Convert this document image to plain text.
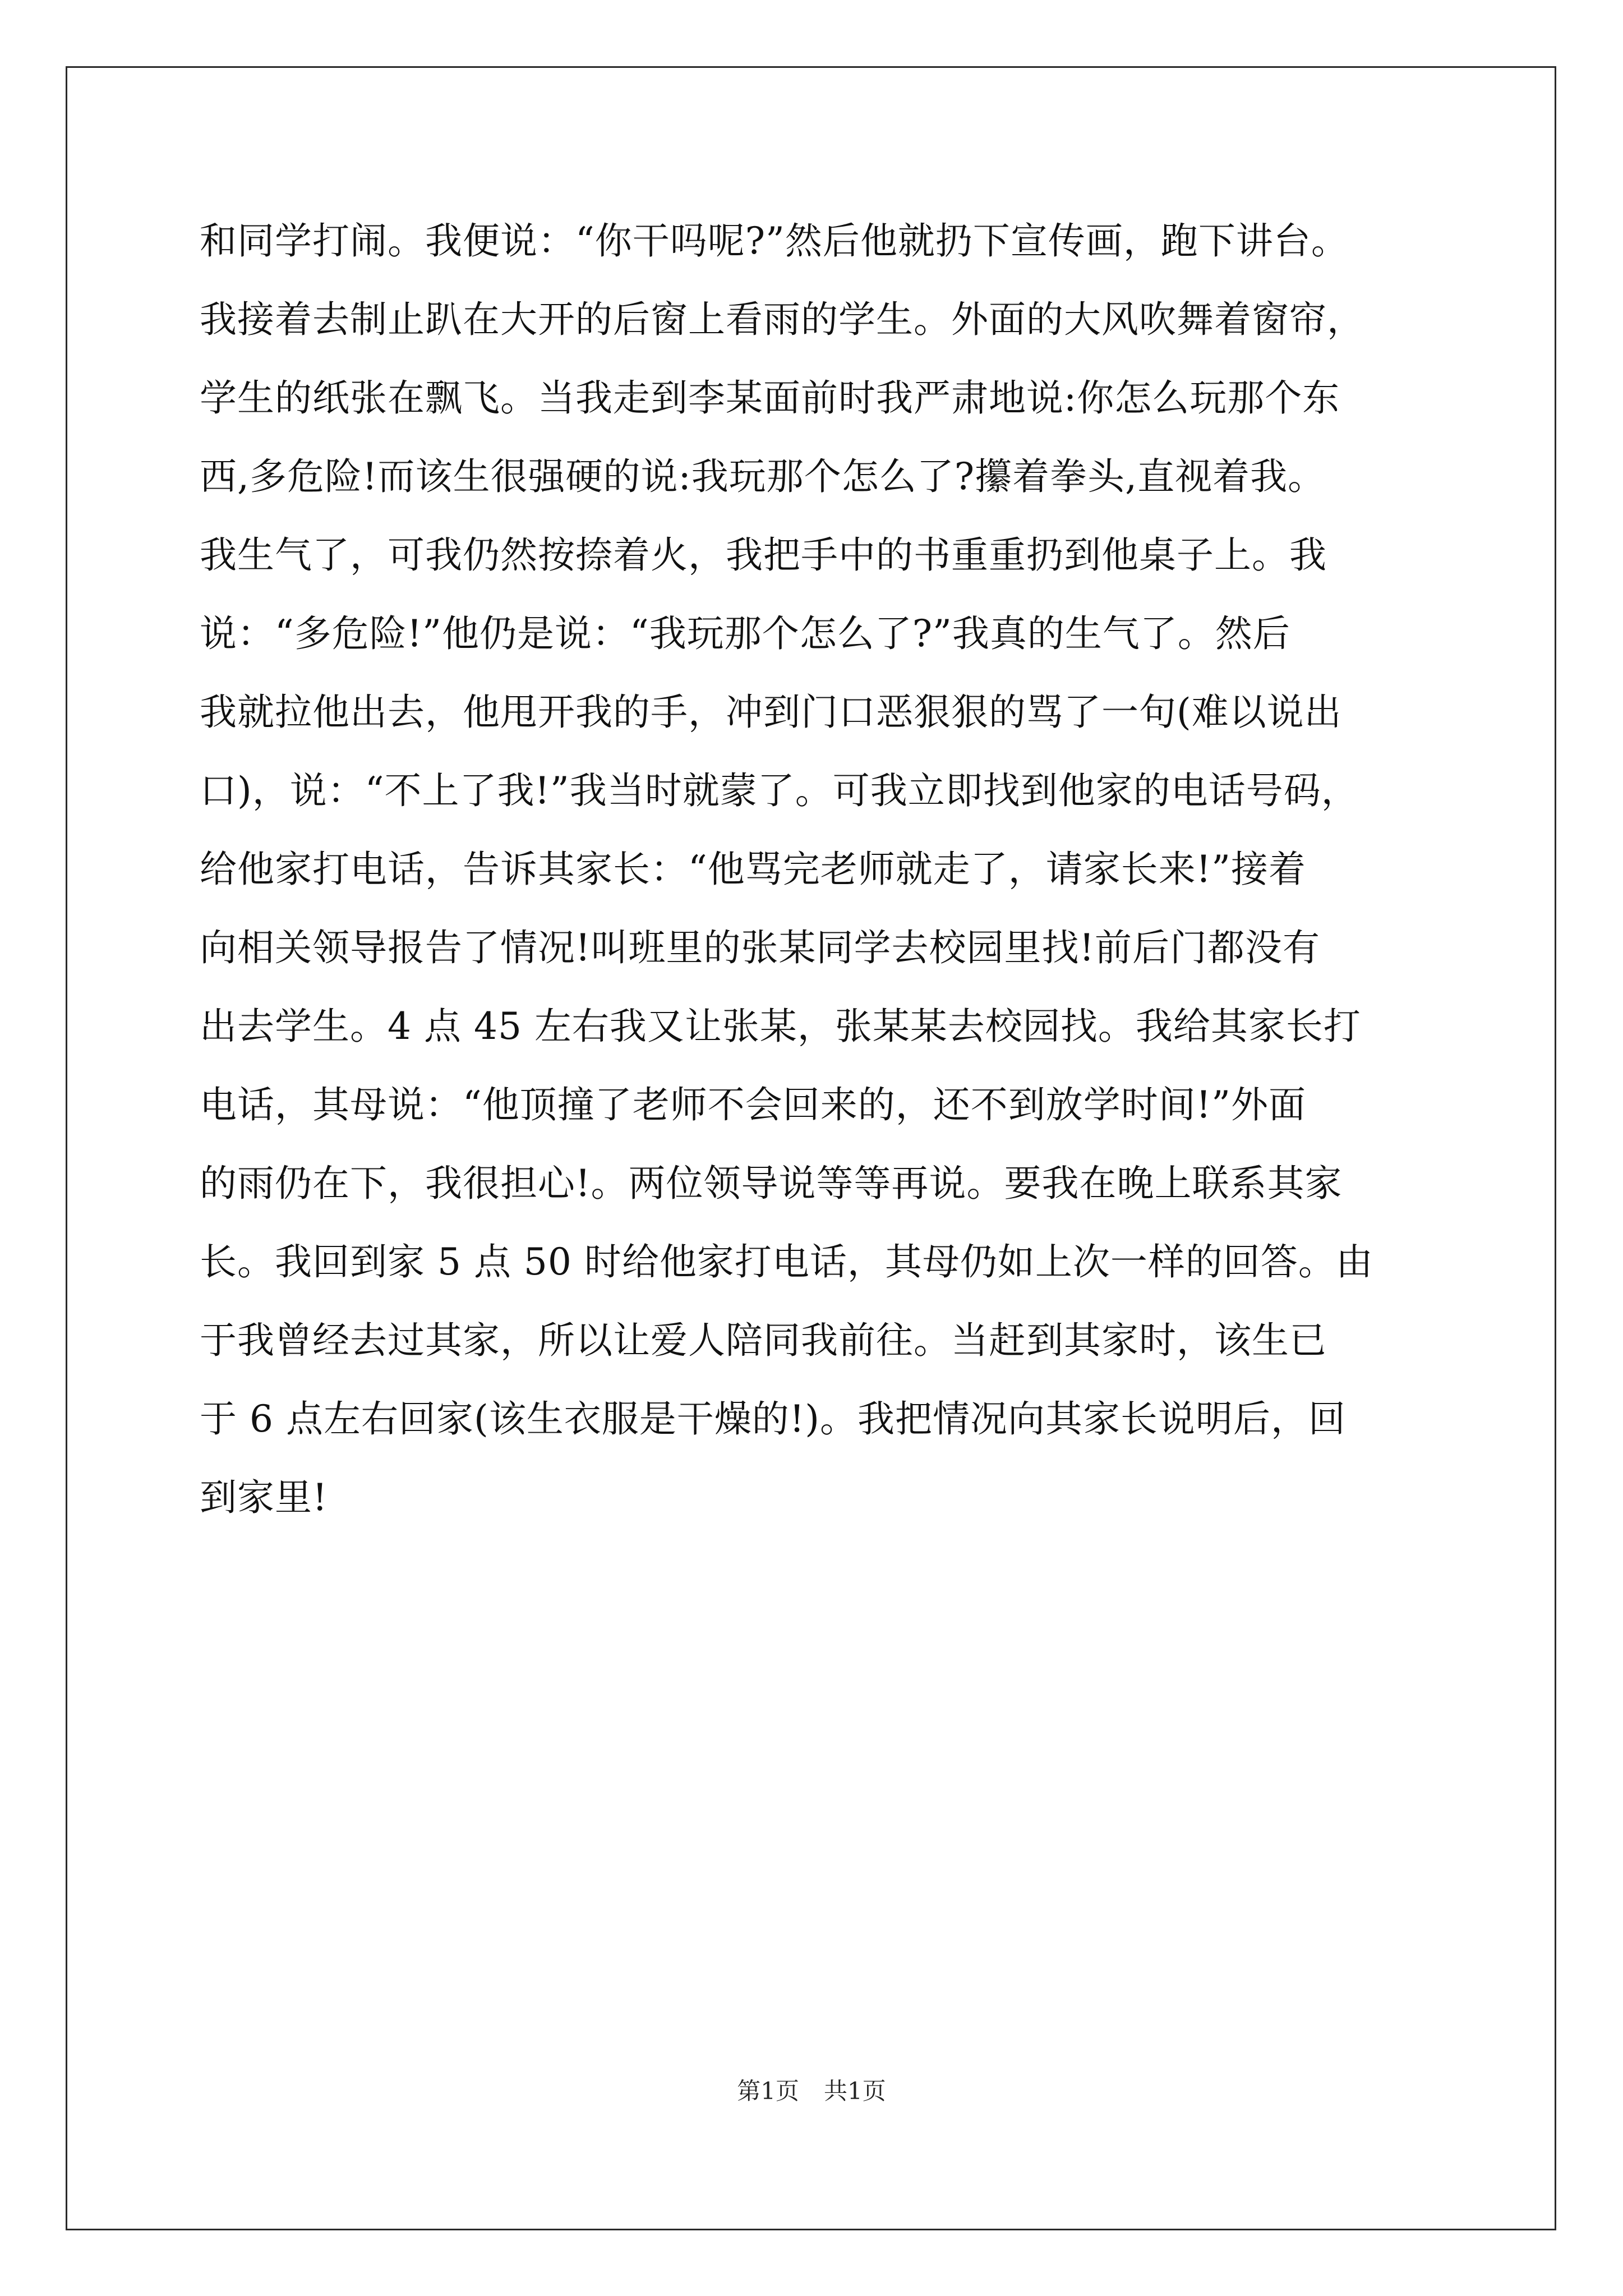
和同学打闹。我便说：“你干吗呢?”然后他就扔下宣传画，跑下讲台。
我接着去制止趴在大开的后窗上看雨的学生。外面的大风吹舞着窗帘，
学生的纸张在飘飞。当我走到李某面前时我严肃地说:你怎么玩那个东
西,多危险!而该生很强硬的说:我玩那个怎么了?攥着拳头,直视着我。
我生气了，可我仍然按捺着火，我把手中的书重重扔到他桌子上。我
说：“多危险!”他仍是说：“我玩那个怎么了?”我真的生气了。然后
我就拉他出去，他甩开我的手，冲到门口恶狠狠的骂了一句(难以说出
口)，说：“不上了我!”我当时就蒙了。可我立即找到他家的电话号码，
给他家打电话，告诉其家长：“他骂完老师就走了，请家长来!”接着
向相关领导报告了情况!叫班里的张某同学去校园里找!前后门都没有
出去学生。4 点 45 左右我又让张某，张某某去校园找。我给其家长打
电话，其母说：“他顶撞了老师不会回来的，还不到放学时间!”外面
的雨仍在下，我很担心!。两位领导说等等再说。要我在晚上联系其家
长。我回到家 5 点 50 时给他家打电话，其母仍如上次一样的回答。由
于我曾经去过其家，所以让爱人陪同我前往。当赶到其家时，该生已
于 6 点左右回家(该生衣服是干燥的!)。我把情况向其家长说明后，回
到家里!
第1页 共1页
